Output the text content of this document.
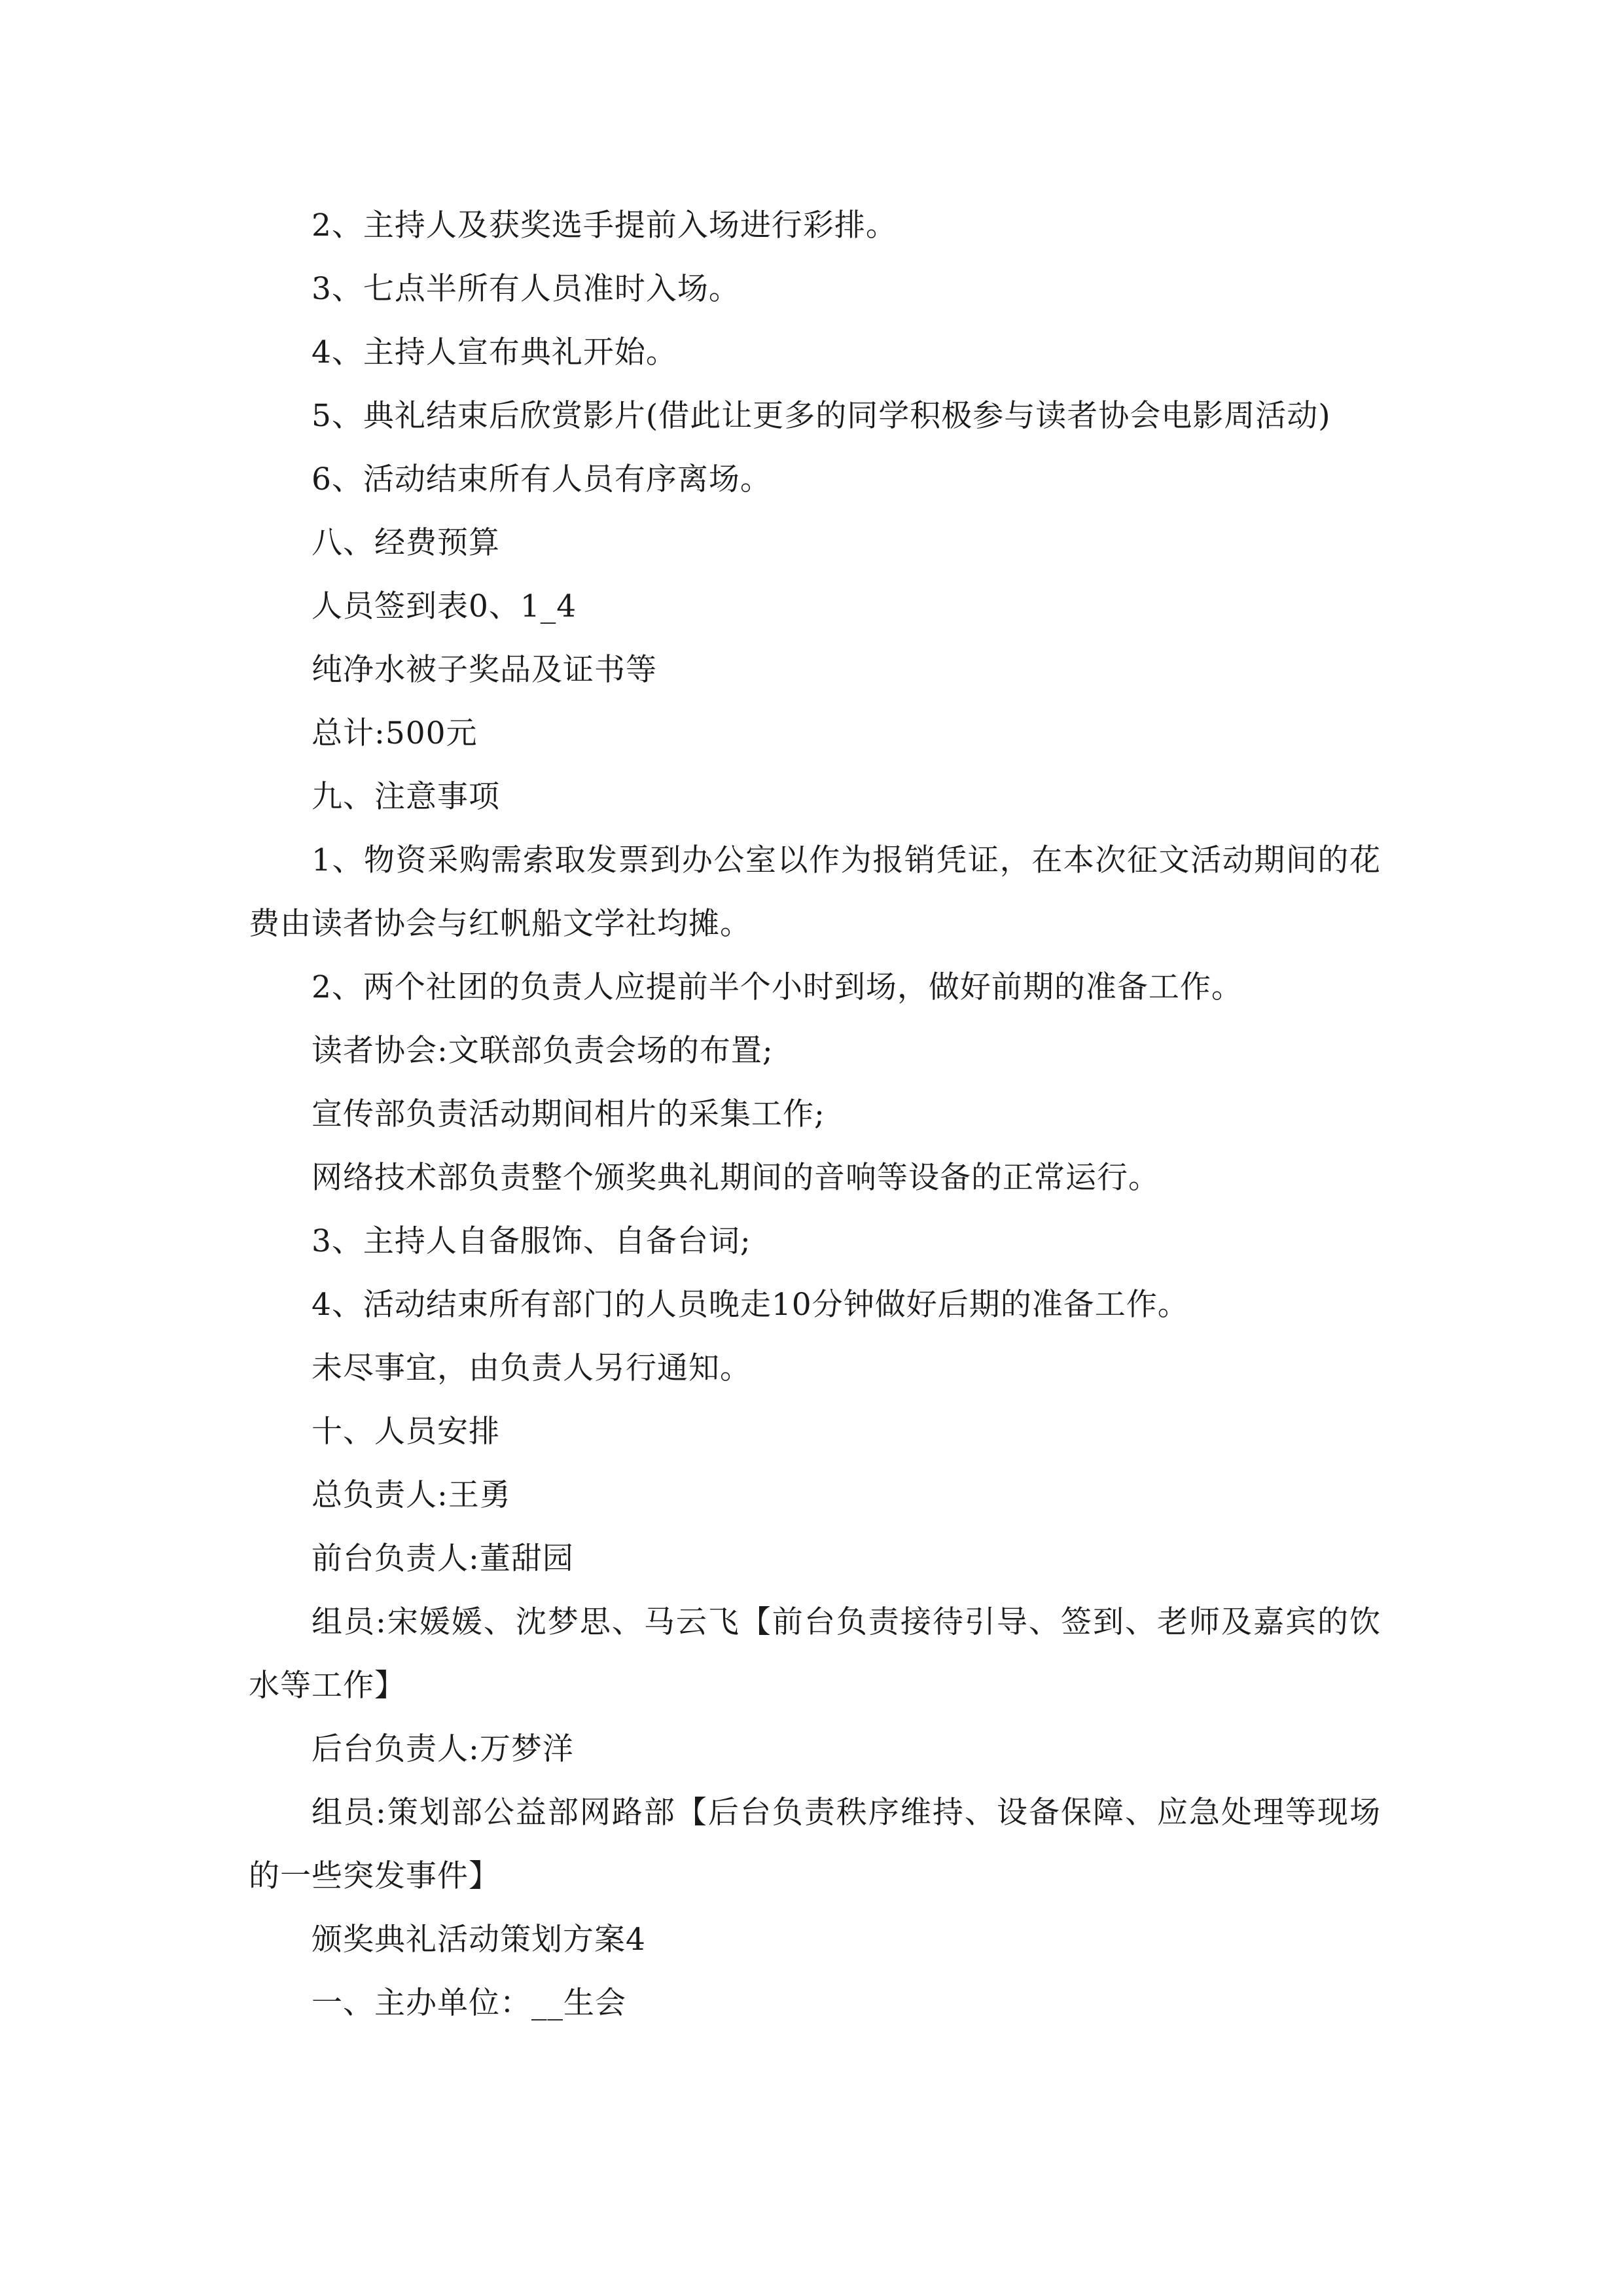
2、主持人及获奖选手提前入场进行彩排。

3、七点半所有人员准时入场。

4、主持人宣布典礼开始。

5、典礼结束后欣赏影片(借此让更多的同学积极参与读者协会电影周活动)

6、活动结束所有人员有序离场。

八、经费预算

人员签到表0、1_4

纯净水被子奖品及证书等

总计:500元

九、注意事项

1、物资采购需索取发票到办公室以作为报销凭证，在本次征文活动期间的花费由读者协会与红帆船文学社均摊。

2、两个社团的负责人应提前半个小时到场，做好前期的准备工作。

读者协会:文联部负责会场的布置;

宣传部负责活动期间相片的采集工作;

网络技术部负责整个颁奖典礼期间的音响等设备的正常运行。

3、主持人自备服饰、自备台词;

4、活动结束所有部门的人员晚走10分钟做好后期的准备工作。

未尽事宜，由负责人另行通知。

十、人员安排

总负责人:王勇

前台负责人:董甜园

组员:宋媛媛、沈梦思、马云飞【前台负责接待引导、签到、老师及嘉宾的饮水等工作】

后台负责人:万梦洋

组员:策划部公益部网路部【后台负责秩序维持、设备保障、应急处理等现场的一些突发事件】

颁奖典礼活动策划方案4

一、主办单位：__生会
